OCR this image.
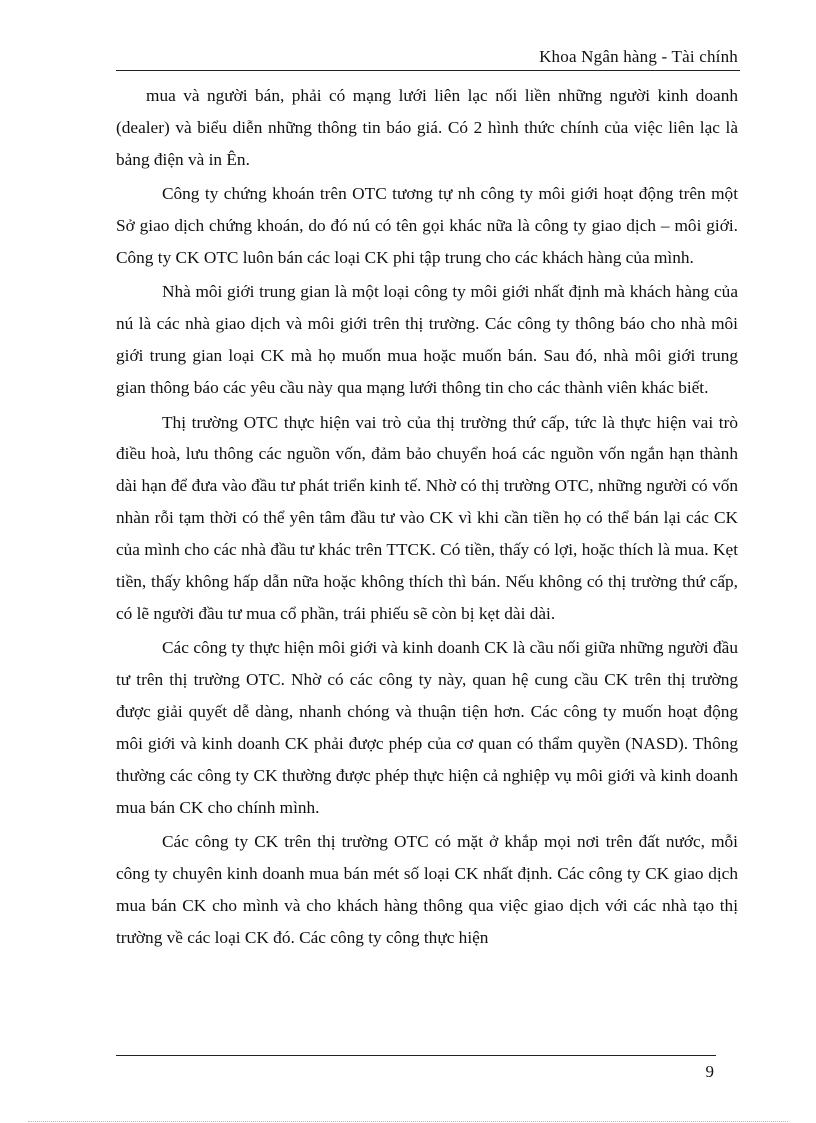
Khoa Ngân hàng - Tài chính

mua và người bán, phải có mạng lưới liên lạc nối liền những người kinh doanh (dealer) và biểu diễn những thông tin báo giá. Có 2 hình thức chính của việc liên lạc là bảng điện và in Ên.

Công ty chứng khoán trên OTC tương tự nh công ty môi giới hoạt động trên một Sở giao dịch chứng khoán, do đó nú có tên gọi khác nữa là công ty giao dịch – môi giới. Công ty CK OTC luôn bán các loại CK phi tập trung cho các khách hàng của mình.

Nhà môi giới trung gian là một loại công ty môi giới nhất định mà khách hàng của nú là các nhà giao dịch và môi giới trên thị trường. Các công ty thông báo cho nhà môi giới trung gian loại CK mà họ muốn mua hoặc muốn bán. Sau đó, nhà môi giới trung gian thông báo các yêu cầu này qua mạng lưới thông tin cho các thành viên khác biết.

Thị trường OTC thực hiện vai trò của thị trường thứ cấp, tức là thực hiện vai trò điều hoà, lưu thông các nguồn vốn, đảm bảo chuyển hoá các nguồn vốn ngắn hạn thành dài hạn để đưa vào đầu tư phát triển kinh tế. Nhờ có thị trường OTC, những người có vốn nhàn rỗi tạm thời có thể yên tâm đầu tư vào CK vì khi cần tiền họ có thể bán lại các CK của mình cho các nhà đầu tư khác trên TTCK. Có tiền, thấy có lợi, hoặc thích là mua. Kẹt tiền, thấy không hấp dẫn nữa hoặc không thích thì bán. Nếu không có thị trường thứ cấp, có lẽ người đầu tư mua cổ phần, trái phiếu sẽ còn bị kẹt dài dài.

Các công ty thực hiện môi giới và kinh doanh CK là cầu nối giữa những người đầu tư trên thị trường OTC. Nhờ có các công ty này, quan hệ cung cầu CK trên thị trường được giải quyết dễ dàng, nhanh chóng và thuận tiện hơn. Các công ty muốn hoạt động môi giới và kinh doanh CK phải được phép của cơ quan có thẩm quyền (NASD). Thông thường các công ty CK thường được phép thực hiện cả nghiệp vụ môi giới và kinh doanh mua bán CK cho chính mình.

Các công ty CK trên thị trường OTC có mặt ở khắp mọi nơi trên đất nước, mỗi công ty chuyên kinh doanh mua bán mét số loại CK nhất định. Các công ty CK giao dịch mua bán CK cho mình và cho khách hàng thông qua việc giao dịch với các nhà tạo thị trường về các loại CK đó. Các công ty công thực hiện

9
